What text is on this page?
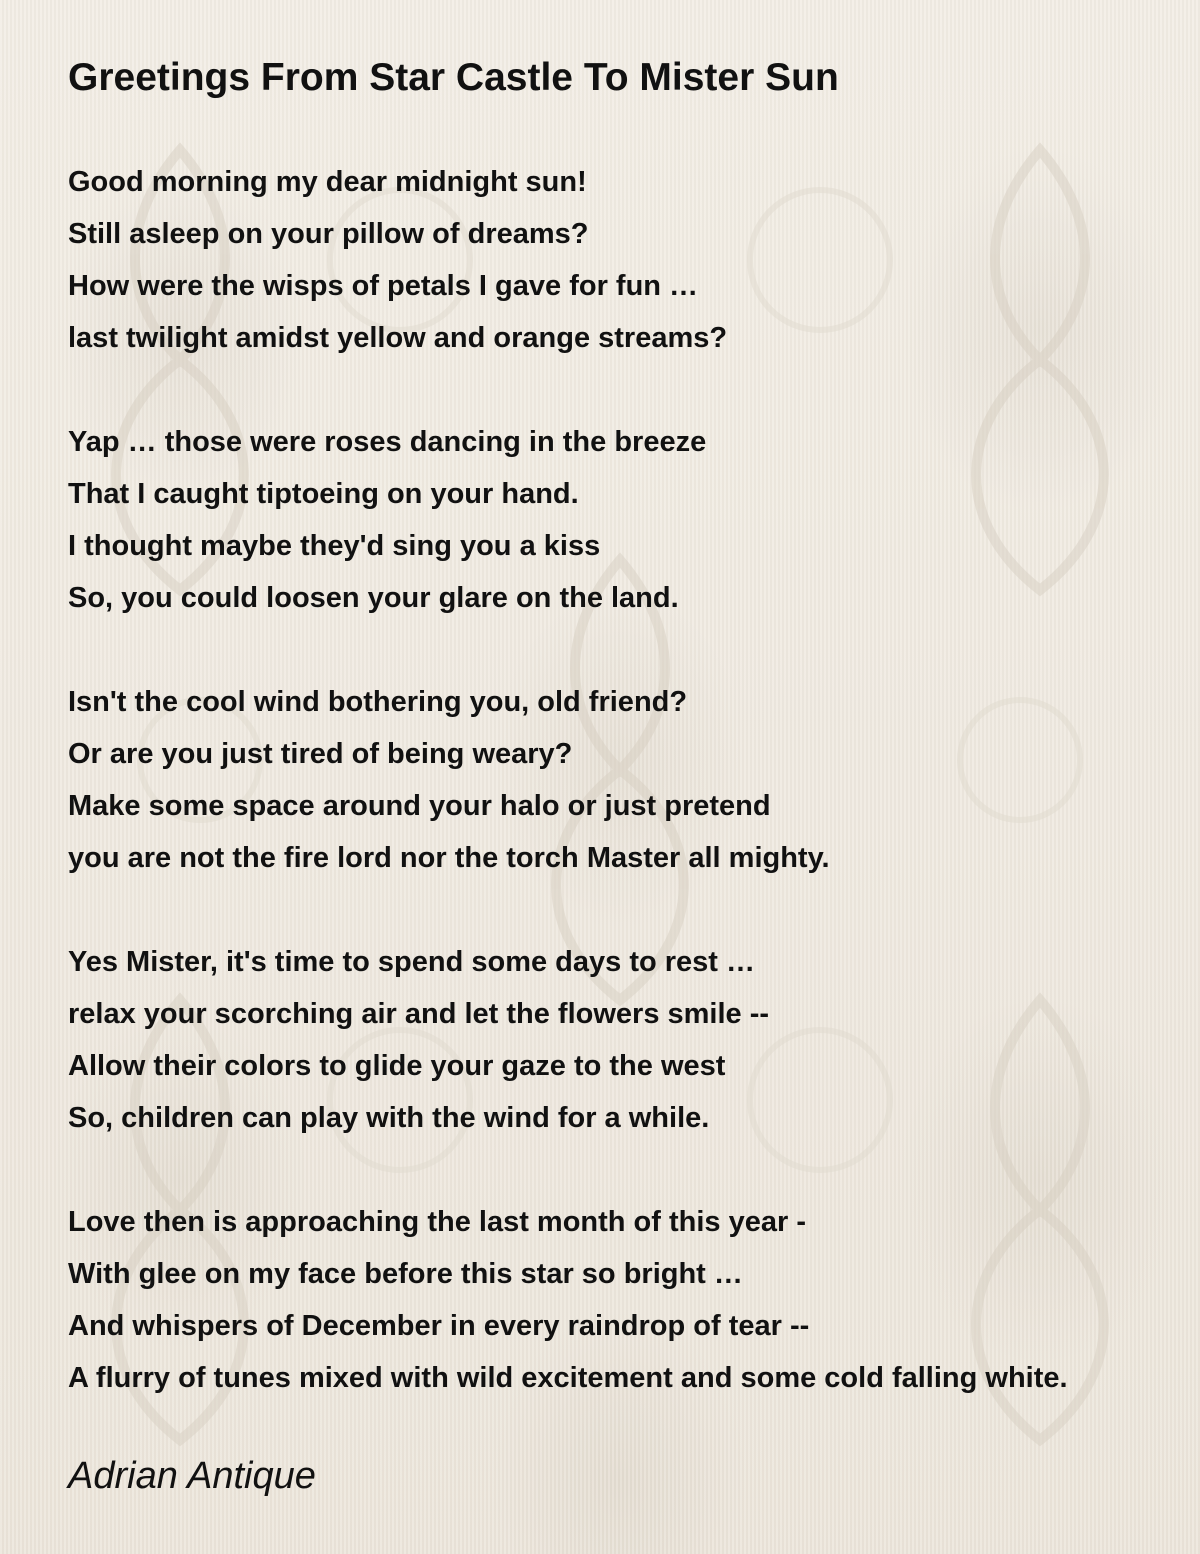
Greetings From Star Castle To Mister Sun
Good morning my dear midnight sun!
Still asleep on your pillow of dreams?
How were the wisps of petals I gave for fun …
last twilight amidst yellow and orange streams?
Yap … those were roses dancing in the breeze
That I caught tiptoeing on your hand.
I thought maybe they'd sing you a kiss
So, you could loosen your glare on the land.
Isn't the cool wind bothering you, old friend?
Or are you just tired of being weary?
Make some space around your halo or just pretend
you are not the fire lord nor the torch Master all mighty.
Yes Mister, it's time to spend some days to rest …
relax your scorching air and let the flowers smile --
Allow their colors to glide your gaze to the west
So, children can play with the wind for a while.
Love then is approaching the last month of this year -
With glee on my face before this star so bright …
And whispers of December in every raindrop of tear --
A flurry of tunes mixed with wild excitement and some cold falling white.
Adrian Antique
